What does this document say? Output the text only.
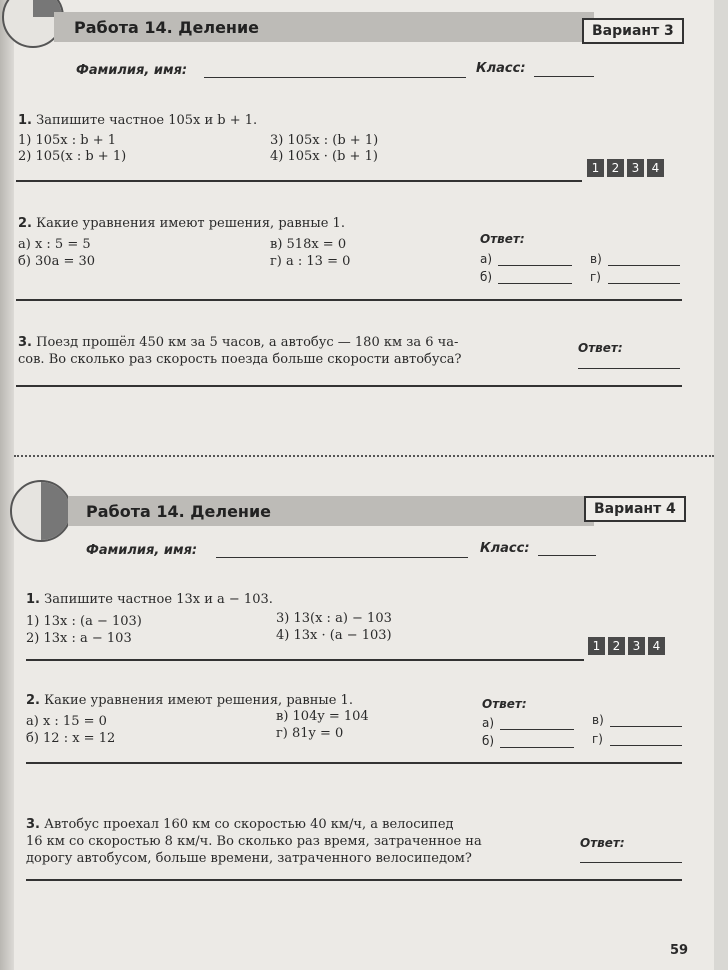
Работа 14. Деление	Вариант 3
Фамилия, имя:	Класс:
1. Запишите частное 105x и b + 1.
1) 105x : b + 1
2) 105(x : b + 1)
3) 105x : (b + 1)
4) 105x · (b + 1)
1	2	3	4
2. Какие уравнения имеют решения, равные 1.
а) x : 5 = 5
б) 30a = 30
в) 518x = 0
г) a : 13 = 0
Ответ:
а)	в)
б)	г)
3. Поезд прошёл 450 км за 5 часов, а автобус — 180 км за 6 ча-
сов. Во сколько раз скорость поезда больше скорости автобуса?
Ответ:
Работа 14. Деление	Вариант 4
Фамилия, имя:	Класс:
1. Запишите частное 13x и a − 103.
1) 13x : (a − 103)
2) 13x : a − 103
3) 13(x : a) − 103
4) 13x · (a − 103)
1	2	3	4
2. Какие уравнения имеют решения, равные 1.
а) x : 15 = 0
б) 12 : x = 12
в) 104y = 104
г) 81y = 0
Ответ:
а)	в)
б)	г)
3. Автобус проехал 160 км со скоростью 40 км/ч, а велосипед
16 км со скоростью 8 км/ч. Во сколько раз время, затраченное на
дорогу автобусом, больше времени, затраченного велосипедом?
Ответ:
59
